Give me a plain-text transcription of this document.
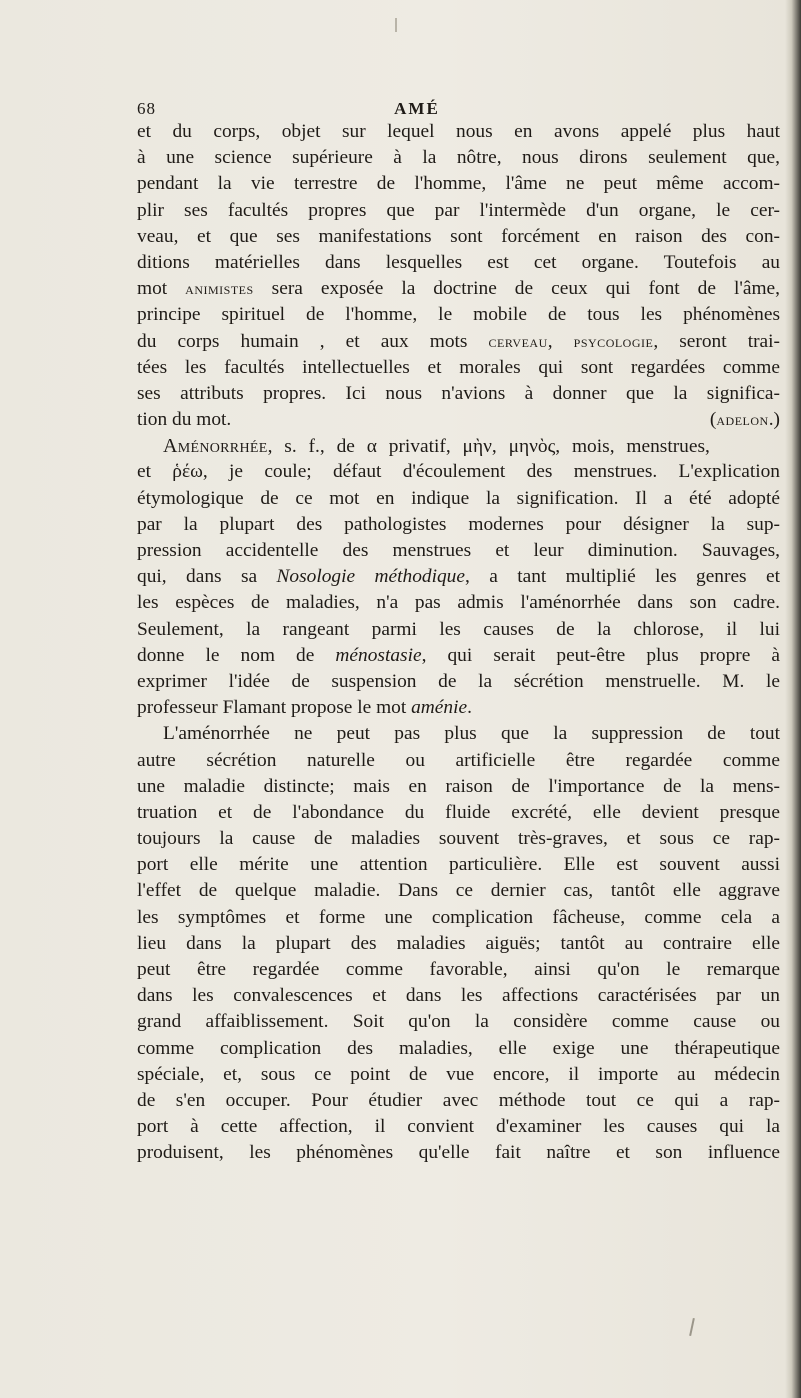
68	AMÉ
et du corps, objet sur lequel nous en avons appelé plus haut
à une science supérieure à la nôtre, nous dirons seulement que,
pendant la vie terrestre de l'homme, l'âme ne peut même accom-
plir ses facultés propres que par l'intermède d'un organe, le cer-
veau, et que ses manifestations sont forcément en raison des con-
ditions matérielles dans lesquelles est cet organe. Toutefois au
mot animistes sera exposée la doctrine de ceux qui font de l'âme,
principe spirituel de l'homme, le mobile de tous les phénomènes
du corps humain , et aux mots cerveau, psycologie, seront trai-
tées les facultés intellectuelles et morales qui sont regardées comme
ses attributs propres. Ici nous n'avions à donner que la significa-
tion du mot.	(adelon.)
Aménorrhée, s. f., de α privatif, μὴν, μηνὸς, mois, menstrues,
et ῥέω, je coule; défaut d'écoulement des menstrues. L'explication
étymologique de ce mot en indique la signification. Il a été adopté
par la plupart des pathologistes modernes pour désigner la sup-
pression accidentelle des menstrues et leur diminution. Sauvages,
qui, dans sa Nosologie méthodique, a tant multiplié les genres et
les espèces de maladies, n'a pas admis l'aménorrhée dans son cadre.
Seulement, la rangeant parmi les causes de la chlorose, il lui
donne le nom de ménostasie, qui serait peut-être plus propre à
exprimer l'idée de suspension de la sécrétion menstruelle. M. le
professeur Flamant propose le mot aménie.
L'aménorrhée ne peut pas plus que la suppression de tout
autre sécrétion naturelle ou artificielle être regardée comme
une maladie distincte; mais en raison de l'importance de la mens-
truation et de l'abondance du fluide excrété, elle devient presque
toujours la cause de maladies souvent très-graves, et sous ce rap-
port elle mérite une attention particulière. Elle est souvent aussi
l'effet de quelque maladie. Dans ce dernier cas, tantôt elle aggrave
les symptômes et forme une complication fâcheuse, comme cela a
lieu dans la plupart des maladies aiguës; tantôt au contraire elle
peut être regardée comme favorable, ainsi qu'on le remarque
dans les convalescences et dans les affections caractérisées par un
grand affaiblissement. Soit qu'on la considère comme cause ou
comme complication des maladies, elle exige une thérapeutique
spéciale, et, sous ce point de vue encore, il importe au médecin
de s'en occuper. Pour étudier avec méthode tout ce qui a rap-
port à cette affection, il convient d'examiner les causes qui la
produisent, les phénomènes qu'elle fait naître et son influence
